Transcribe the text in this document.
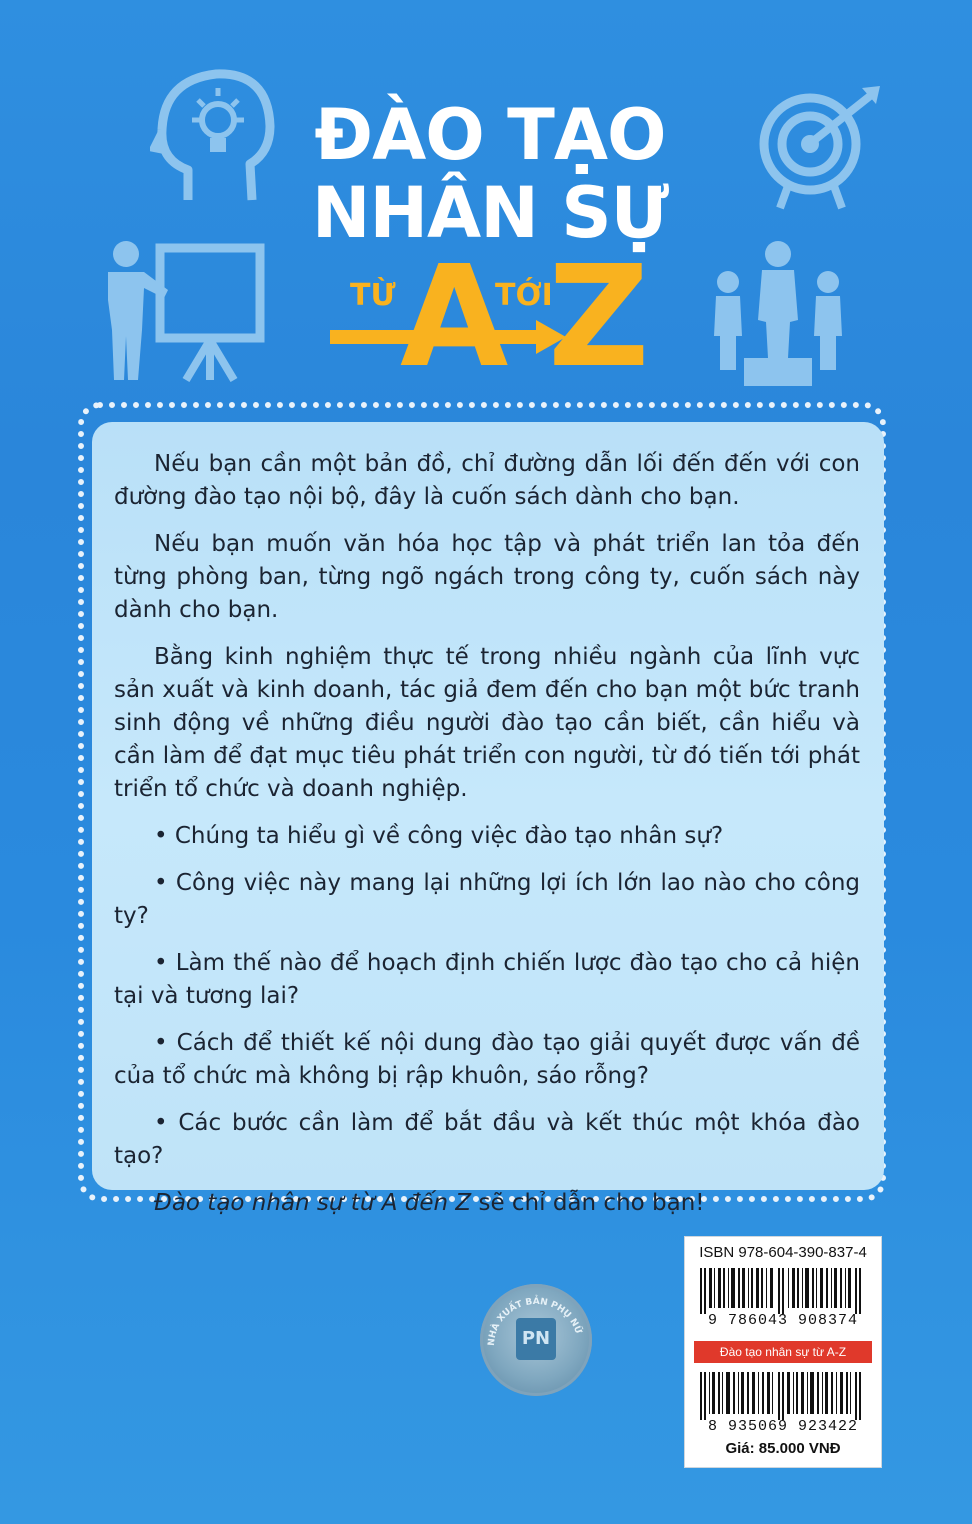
ĐÀO TẠO
NHÂN SỰ
TỪ A
TỚI
Z

Nếu bạn cần một bản đồ, chỉ đường dẫn lối đến đến với con đường đào tạo nội bộ, đây là cuốn sách dành cho bạn.

Nếu bạn muốn văn hóa học tập và phát triển lan tỏa đến từng phòng ban, từng ngõ ngách trong công ty, cuốn sách này dành cho bạn.

Bằng kinh nghiệm thực tế trong nhiều ngành của lĩnh vực sản xuất và kinh doanh, tác giả đem đến cho bạn một bức tranh sinh động về những điều người đào tạo cần biết, cần hiểu và cần làm để đạt mục tiêu phát triển con người, từ đó tiến tới phát triển tổ chức và doanh nghiệp.

• Chúng ta hiểu gì về công việc đào tạo nhân sự?

• Công việc này mang lại những lợi ích lớn lao nào cho công ty?

• Làm thế nào để hoạch định chiến lược đào tạo cho cả hiện tại và tương lai?

• Cách để thiết kế nội dung đào tạo giải quyết được vấn đề của tổ chức mà không bị rập khuôn, sáo rỗng?

• Các bước cần làm để bắt đầu và kết thúc một khóa đào tạo?

Đào tạo nhân sự từ A đến Z sẽ chỉ dẫn cho bạn!

NHÀ XUẤT BẢN PHỤ NỮ
PN
ISBN 978-604-390-837-4
9 786043 908374
Đào tạo nhân sự từ A-Z
8 935069 923422
Giá: 85.000 VNĐ
